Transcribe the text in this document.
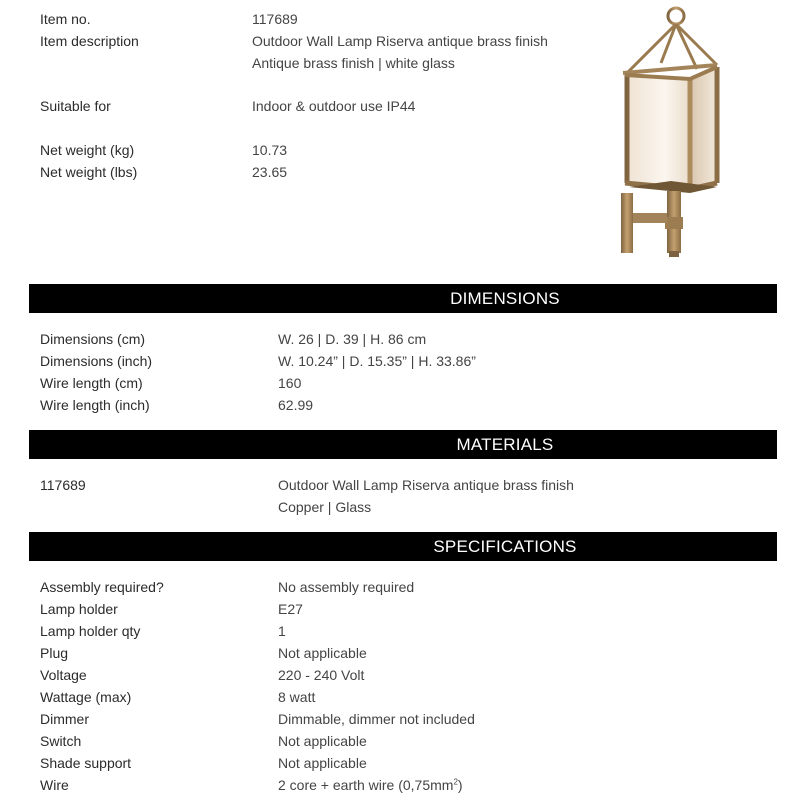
Item no.	117689
Item description	Outdoor Wall Lamp Riserva antique brass finish
Antique brass finish | white glass
Suitable for	Indoor & outdoor use IP44
Net weight (kg)	10.73
Net weight (lbs)	23.65
DIMENSIONS
Dimensions (cm)	W. 26 | D. 39 | H. 86 cm
Dimensions (inch)	W. 10.24” | D. 15.35” | H. 33.86”
Wire length (cm)	160
Wire length (inch)	62.99
MATERIALS
117689	Outdoor Wall Lamp Riserva antique brass finish
Copper | Glass
SPECIFICATIONS
Assembly required?	No assembly required
Lamp holder	E27
Lamp holder qty	1
Plug	Not applicable
Voltage	220 - 240 Volt
Wattage (max)	8 watt
Dimmer	Dimmable, dimmer not included
Switch	Not applicable
Shade support	Not applicable
Wire	2 core + earth wire $(0,75mm^2)$
